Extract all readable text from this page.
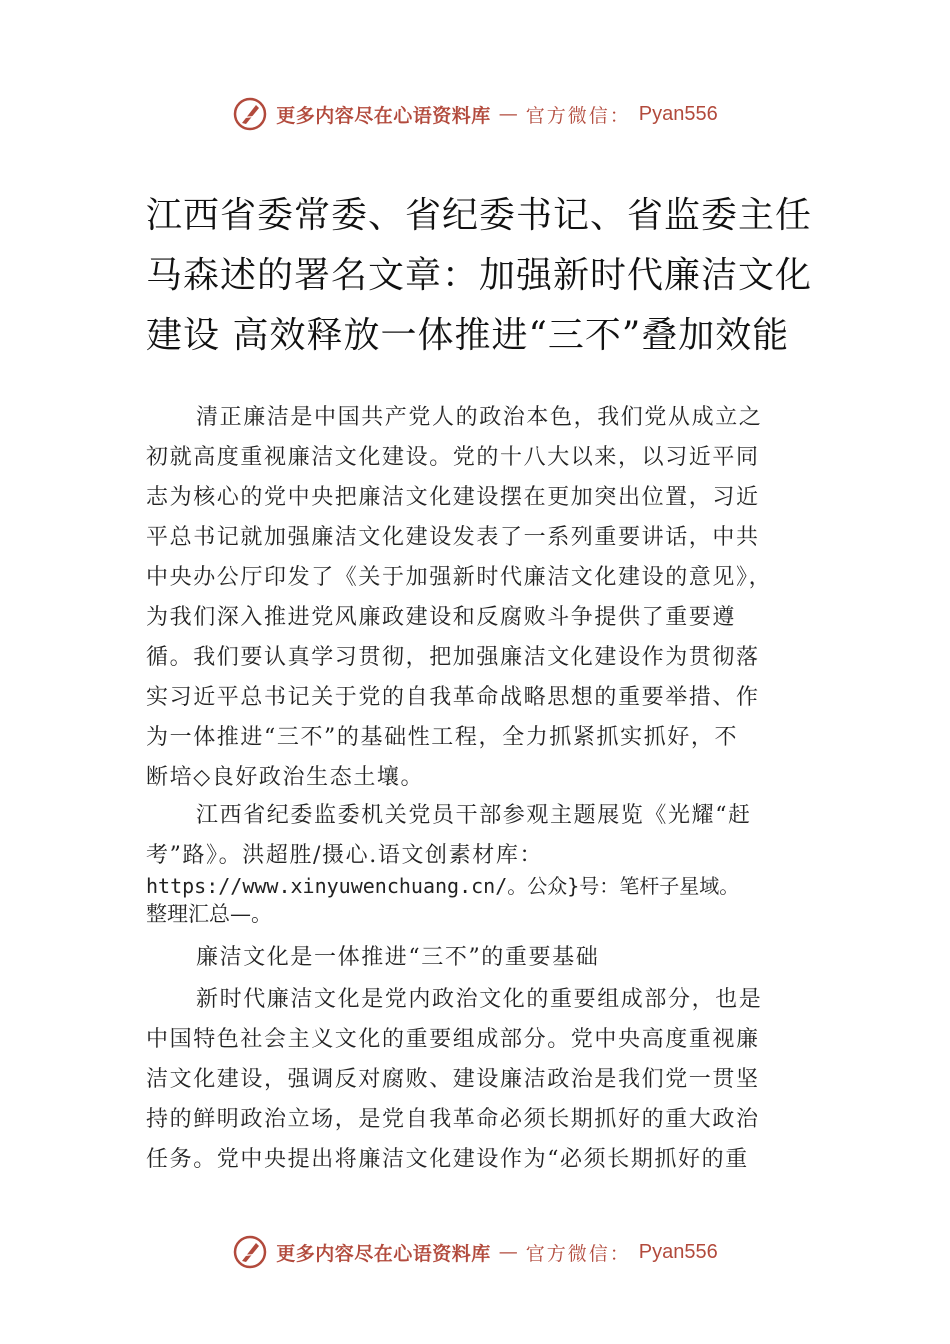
更多内容尽在心语资料库 — 官方微信： Pyan556
江西省委常委、省纪委书记、省监委主任
马森述的署名文章：加强新时代廉洁文化
建设 高效释放一体推进“三不”叠加效能
清正廉洁是中国共产党人的政治本色，我们党从成立之
初就高度重视廉洁文化建设。党的十八大以来，以习近平同
志为核心的党中央把廉洁文化建设摆在更加突出位置，习近
平总书记就加强廉洁文化建设发表了一系列重要讲话，中共
中央办公厅印发了《关于加强新时代廉洁文化建设的意见》，
为我们深入推进党风廉政建设和反腐败斗争提供了重要遵
循。我们要认真学习贯彻，把加强廉洁文化建设作为贯彻落
实习近平总书记关于党的自我革命战略思想的重要举措、作
为一体推进“三不”的基础性工程，全力抓紧抓实抓好，不
断培◇良好政治生态土壤。
江西省纪委监委机关党员干部参观主题展览《光耀“赶
考”路》。洪超胜/摄心.语文创素材库：
https://www.xinyuwenchuang.cn/。公众}号：笔杆子星域。
整理汇总—。
廉洁文化是一体推进“三不”的重要基础
新时代廉洁文化是党内政治文化的重要组成部分，也是
中国特色社会主义文化的重要组成部分。党中央高度重视廉
洁文化建设，强调反对腐败、建设廉洁政治是我们党一贯坚
持的鲜明政治立场，是党自我革命必须长期抓好的重大政治
任务。党中央提出将廉洁文化建设作为“必须长期抓好的重
更多内容尽在心语资料库 — 官方微信： Pyan556
